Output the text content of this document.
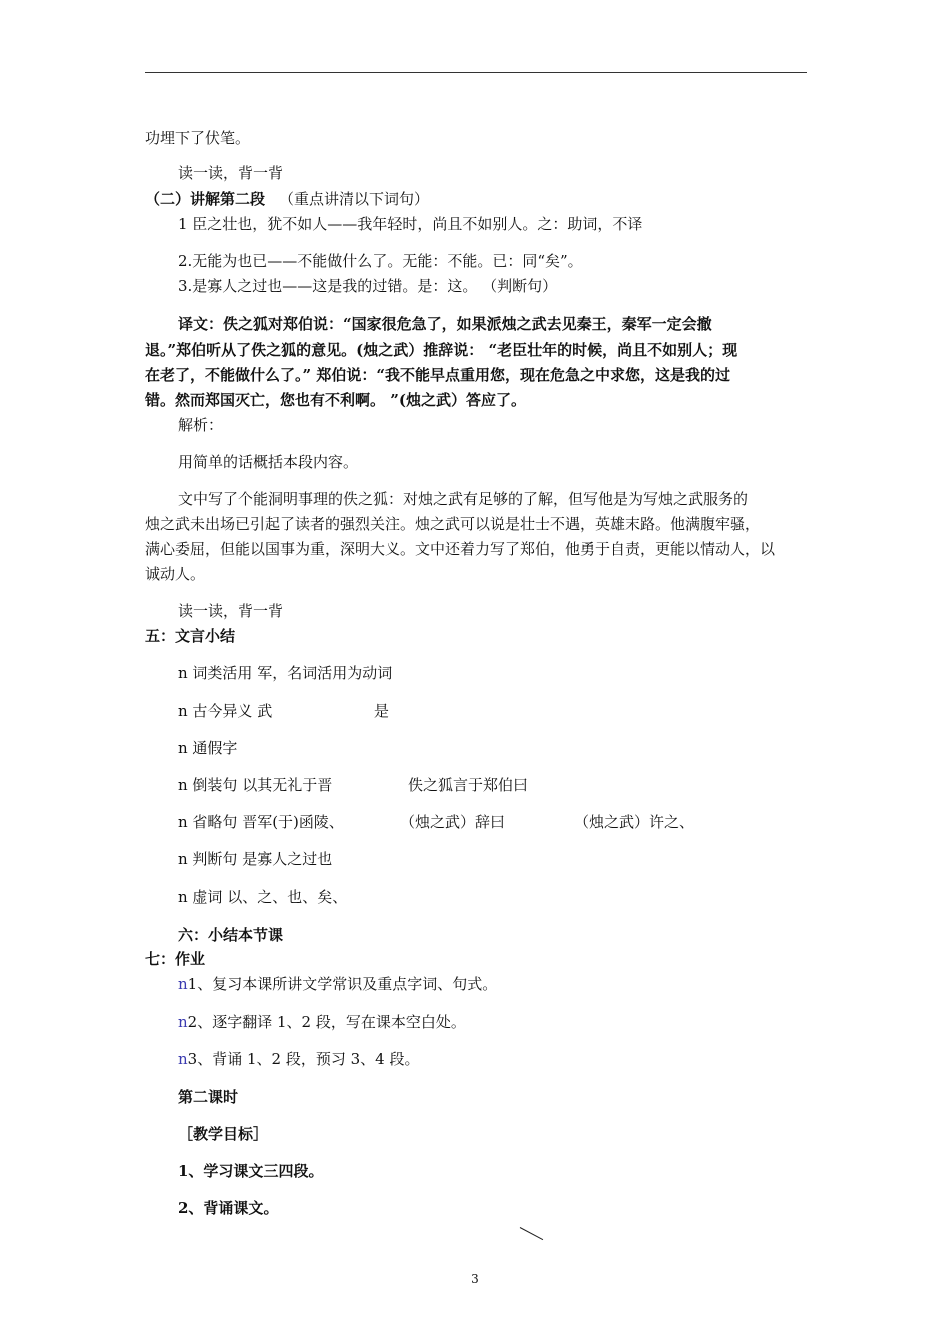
功埋下了伏笔。
读一读，背一背
（二）讲解第二段 （重点讲清以下词句）
1 臣之壮也，犹不如人——我年轻时，尚且不如别人。之：助词，不译
2.无能为也已——不能做什么了。无能：不能。已：同“矣”。
3.是寡人之过也——这是我的过错。是：这。 （判断句）
译文：佚之狐对郑伯说：“国家很危急了，如果派烛之武去见秦王，秦军一定会撤
退。”郑伯听从了佚之狐的意见。(烛之武）推辞说： “老臣壮年的时候，尚且不如别人；现
在老了，不能做什么了。” 郑伯说：“我不能早点重用您，现在危急之中求您，这是我的过
错。然而郑国灭亡，您也有不利啊。 ”(烛之武）答应了。
解析：
用简单的话概括本段内容。
文中写了个能洞明事理的佚之狐：对烛之武有足够的了解，但写他是为写烛之武服务的
烛之武未出场已引起了读者的强烈关注。烛之武可以说是壮士不遇，英雄末路。他满腹牢骚，
满心委屈，但能以国事为重，深明大义。文中还着力写了郑伯，他勇于自责，更能以情动人，以
诚动人。
读一读，背一背
五：文言小结
n 词类活用 军，名词活用为动词
n 古今异义 武	是
n 通假字
n 倒装句 以其无礼于晋	佚之狐言于郑伯曰
n 省略句 晋军(于)函陵、	（烛之武）辞曰	（烛之武）许之、
n 判断句 是寡人之过也
n 虚词 以、之、也、矣、
六：小结本节课
七：作业
n1、复习本课所讲文学常识及重点字词、句式。
n2、逐字翻译 1、2 段，写在课本空白处。
n3、背诵 1、2 段，预习 3、4 段。
第二课时
［教学目标］
1、学习课文三四段。
2、背诵课文。
3
